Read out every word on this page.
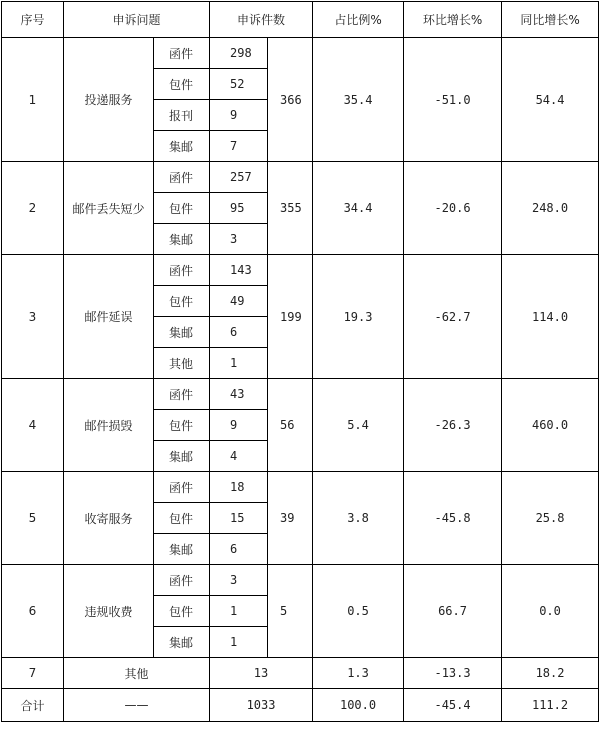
序号	申诉问题		申诉件数		占比例%	环比增长%	同比增长%
1	投递服务	函件	298	366	35.4	-51.0	54.4
		包件	52				
		报刊	9				
		集邮	7				
2	邮件丢失短少	函件	257	355	34.4	-20.6	248.0
		包件	95				
		集邮	3				
3	邮件延误	函件	143	199	19.3	-62.7	114.0
		包件	49				
		集邮	6				
		其他	1				
4	邮件损毁	函件	43	56	5.4	-26.3	460.0
		包件	9				
		集邮	4				
5	收寄服务	函件	18	39	3.8	-45.8	25.8
		包件	15				
		集邮	6				
6	违规收费	函件	3	5	0.5	66.7	0.0
		包件	1				
		集邮	1				
7	其他		13		1.3	-13.3	18.2
合计	——		1033		100.0	-45.4	111.2
